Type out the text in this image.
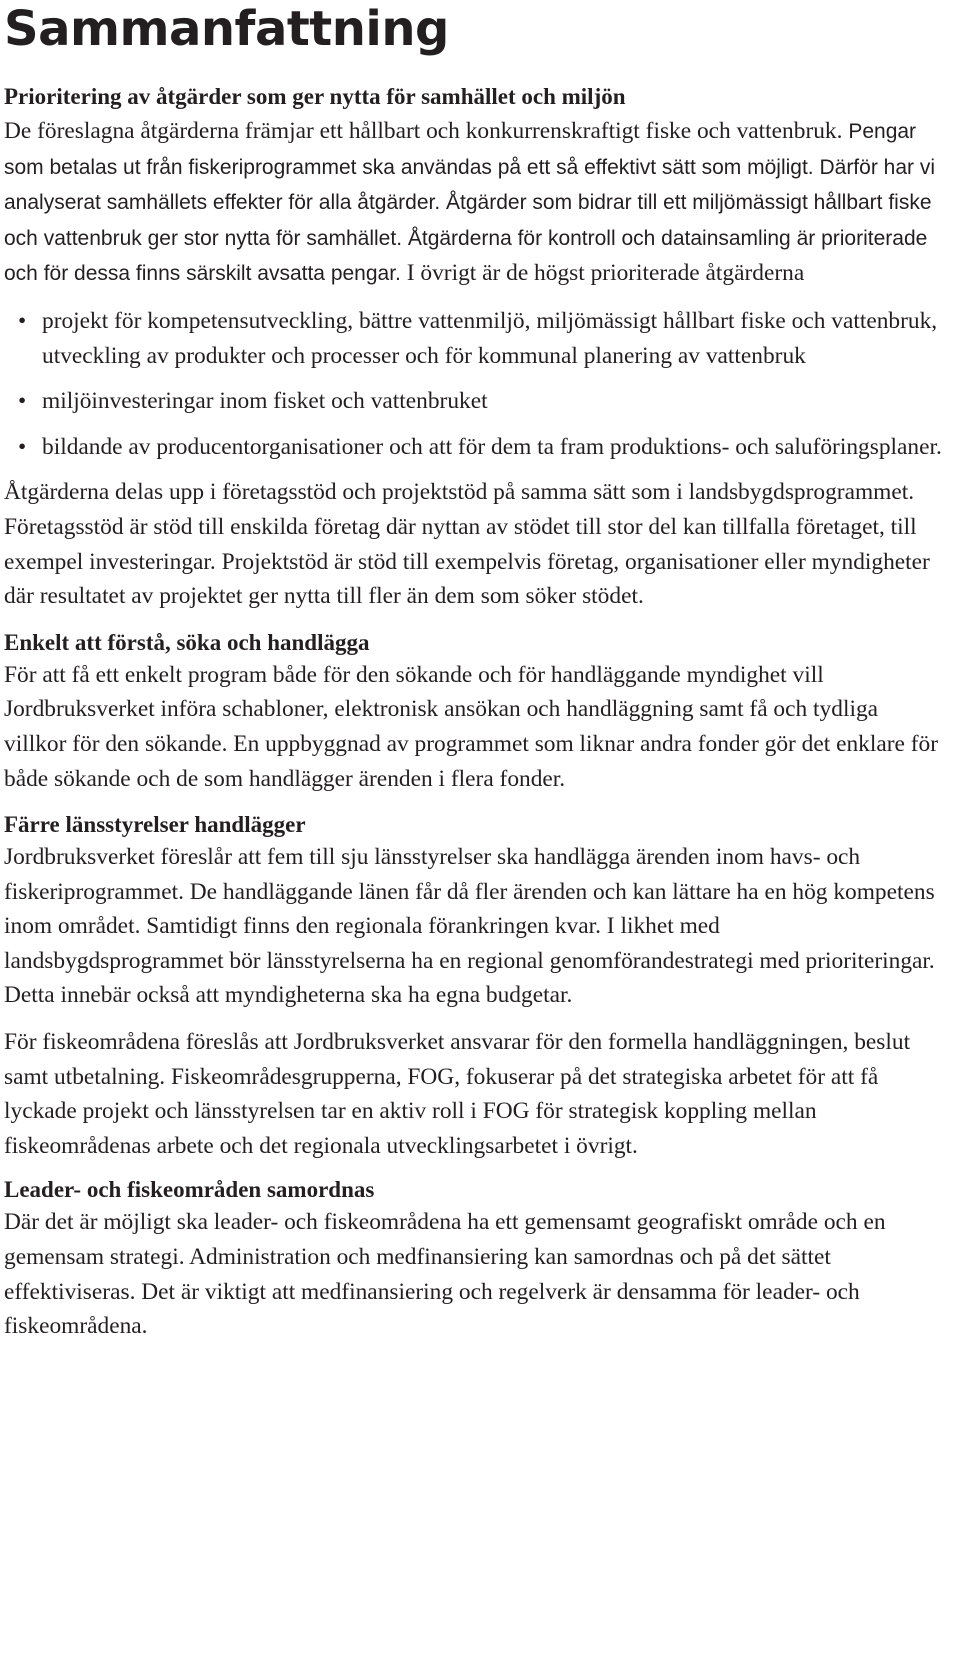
Sammanfattning
Prioritering av åtgärder som ger nytta för samhället och miljön

De föreslagna åtgärderna främjar ett hållbart och konkurrenskraftigt fiske och vattenbruk. Pengar som betalas ut från fiskeriprogrammet ska användas på ett så effektivt sätt som möjligt. Därför har vi analyserat samhällets effekter för alla åtgärder. Åtgärder som bidrar till ett miljömässigt hållbart fiske och vattenbruk ger stor nytta för samhället. Åtgärderna för kontroll och datainsamling är prioriterade och för dessa finns särskilt avsatta pengar. I övrigt är de högst prioriterade åtgärderna

• projekt för kompetensutveckling, bättre vattenmiljö, miljömässigt hållbart fiske och vattenbruk, utveckling av produkter och processer och för kommunal planering av vattenbruk
• miljöinvesteringar inom fisket och vattenbruket
• bildande av producentorganisationer och att för dem ta fram produktions- och saluföringsplaner.

Åtgärderna delas upp i företagsstöd och projektstöd på samma sätt som i landsbygdsprogrammet. Företagsstöd är stöd till enskilda företag där nyttan av stödet till stor del kan tillfalla företaget, till exempel investeringar. Projektstöd är stöd till exempelvis företag, organisationer eller myndigheter där resultatet av projektet ger nytta till fler än dem som söker stödet.

Enkelt att förstå, söka och handlägga

För att få ett enkelt program både för den sökande och för handläggande myndighet vill Jordbruksverket införa schabloner, elektronisk ansökan och handläggning samt få och tydliga villkor för den sökande. En uppbyggnad av programmet som liknar andra fonder gör det enklare för både sökande och de som handlägger ärenden i flera fonder.

Färre länsstyrelser handlägger

Jordbruksverket föreslår att fem till sju länsstyrelser ska handlägga ärenden inom havs- och fiskeriprogrammet. De handläggande länen får då fler ärenden och kan lättare ha en hög kompetens inom området. Samtidigt finns den regionala förankringen kvar. I likhet med landsbygdsprogrammet bör länsstyrelserna ha en regional genomförandestrategi med prioriteringar. Detta innebär också att myndigheterna ska ha egna budgetar.

För fiskeområdena föreslås att Jordbruksverket ansvarar för den formella handläggningen, beslut samt utbetalning. Fiskeområdesgrupperna, FOG, fokuserar på det strategiska arbetet för att få lyckade projekt och länsstyrelsen tar en aktiv roll i FOG för strategisk koppling mellan fiskeområdenas arbete och det regionala utvecklingsarbetet i övrigt.

Leader- och fiskeområden samordnas

Där det är möjligt ska leader- och fiskeområdena ha ett gemensamt geografiskt område och en gemensam strategi. Administration och medfinansiering kan samordnas och på det sättet effektiviseras. Det är viktigt att medfinansiering och regelverk är densamma för leader- och fiskeområdena.
